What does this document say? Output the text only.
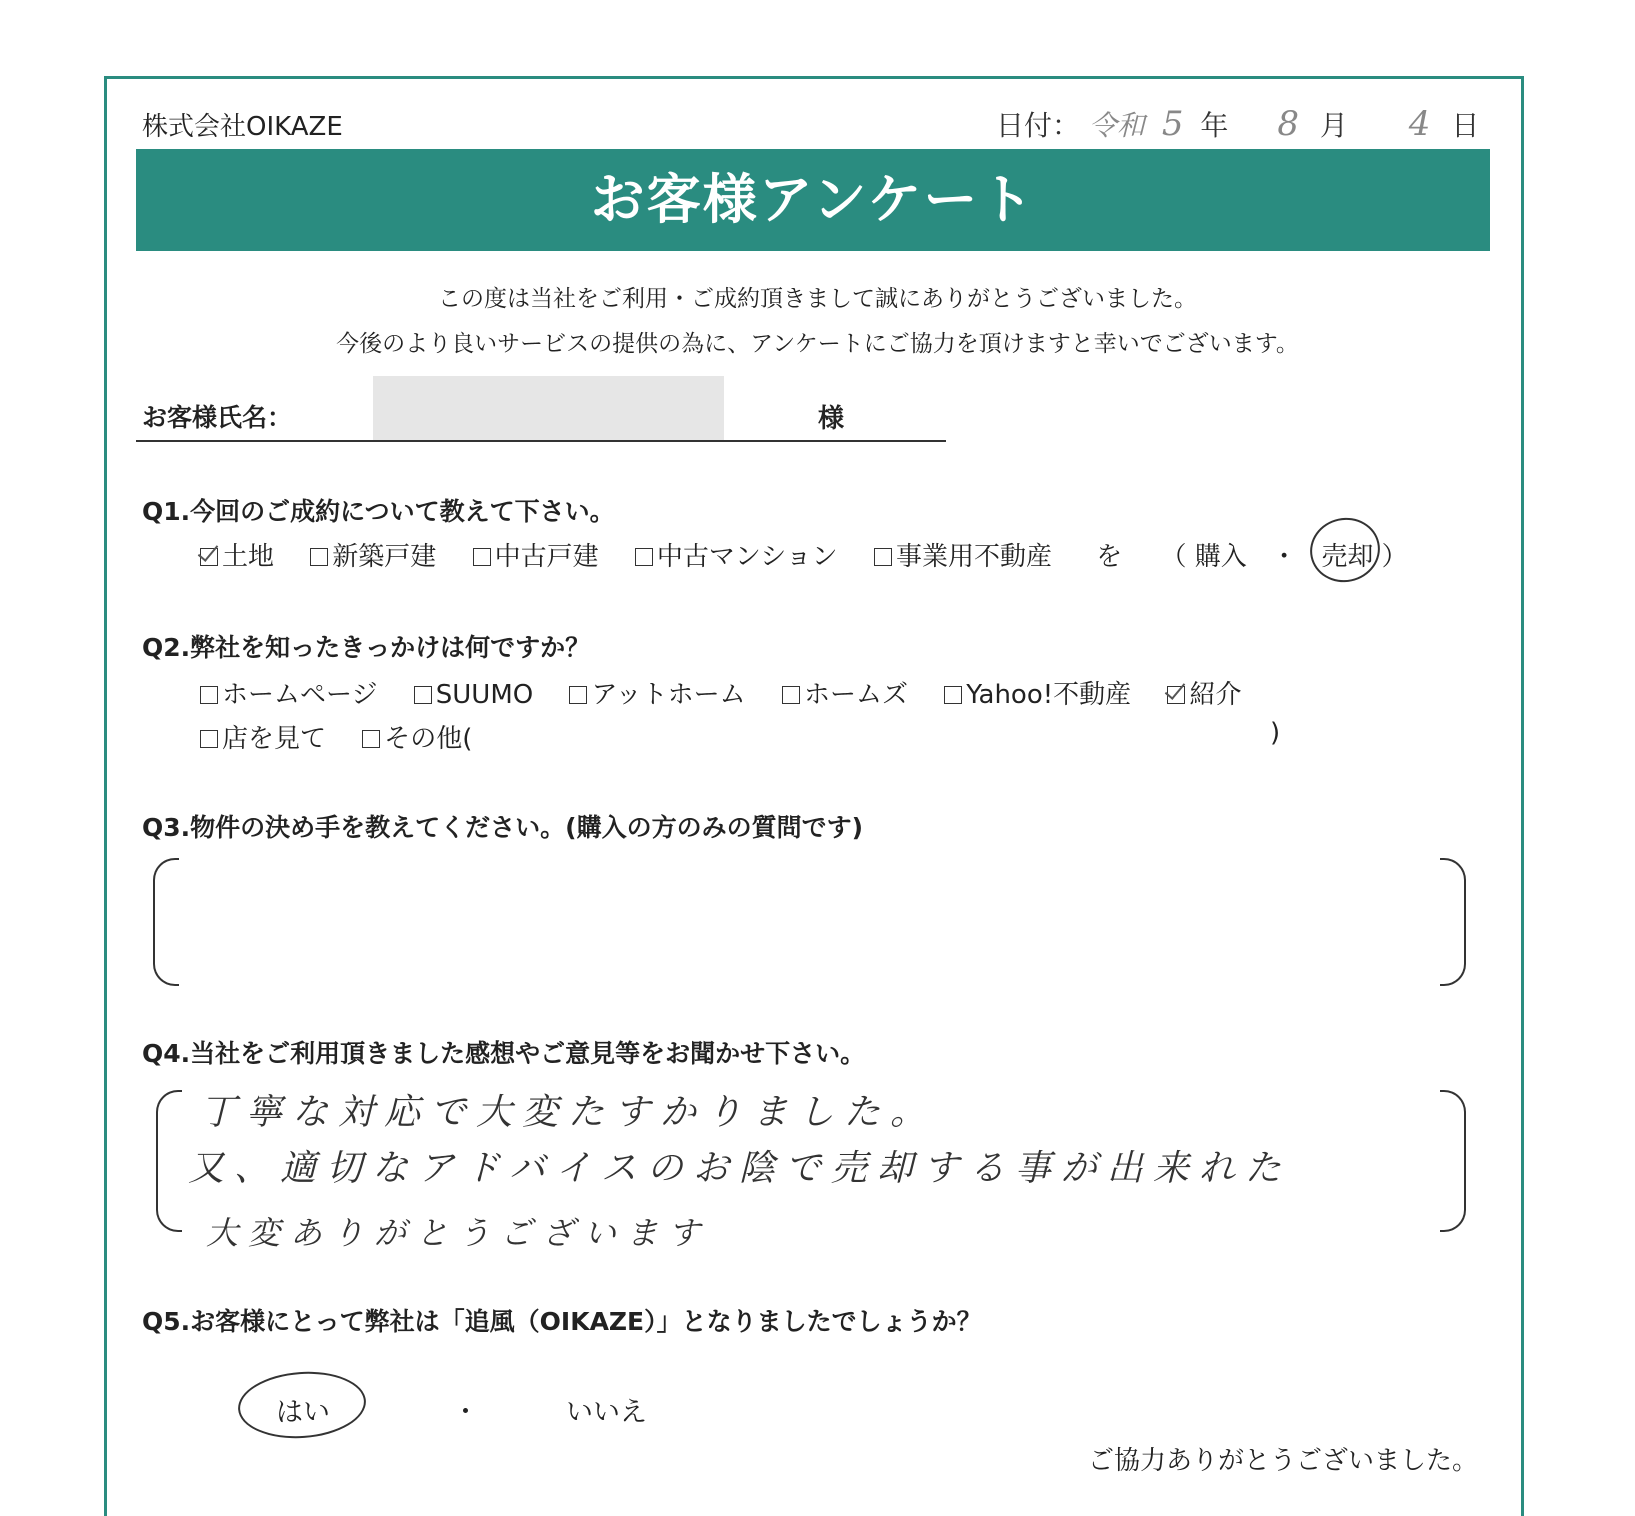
株式会社OIKAZE	日付： 令和 5 年 8 月 4 日
お客様アンケート
この度は当社をご利用・ご成約頂きまして誠にありがとうございました。
今後のより良いサービスの提供の為に、アンケートにご協力を頂けますと幸いでございます。
お客様氏名：	様
Q1.今回のご成約について教えて下さい。
土地 新築戸建 中古戸建 中古マンション 事業用不動産 を （ 購入 ・ 売却 ）
Q2.弊社を知ったきっかけは何ですか？
ホームページ SUUMO アットホーム ホームズ Yahoo!不動産 紹介
店を見て その他(	)
Q3.物件の決め手を教えてください。(購入の方のみの質問です)
Q4.当社をご利用頂きました感想やご意見等をお聞かせ下さい。
丁寧な対応で大変たすかりました。
又、適切なアドバイスのお陰で売却する事が出来れた
大変ありがとうございます
Q5.お客様にとって弊社は「追風（OIKAZE）」となりましたでしょうか？
はい	・	いいえ
ご協力ありがとうございました。
